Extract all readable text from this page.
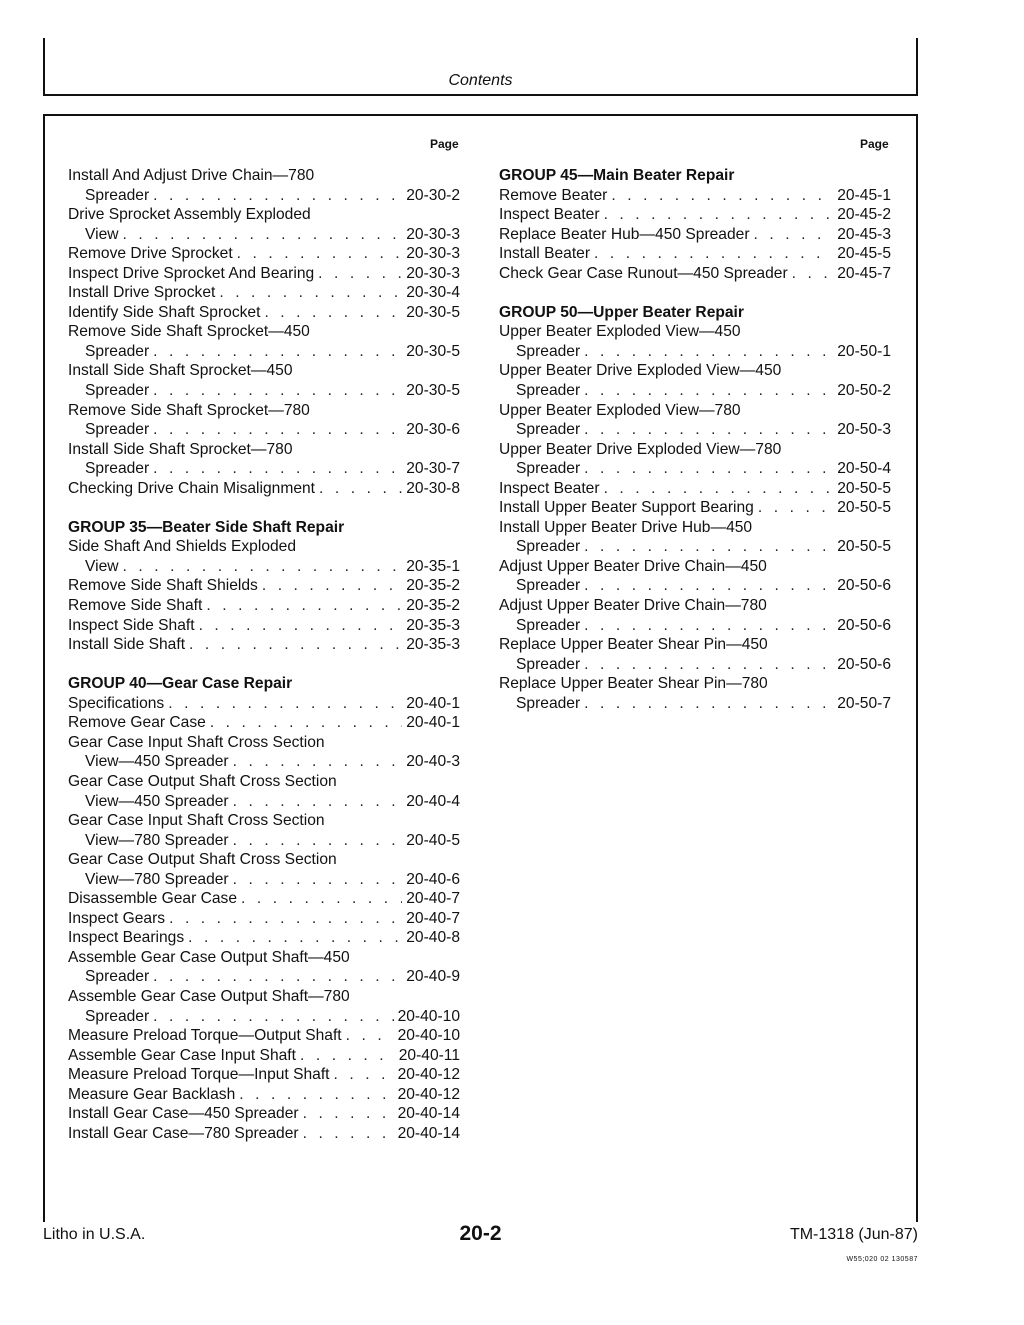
Contents
Page	Page
Install And Adjust Drive Chain—780
Spreader . . .	20-30-2
Drive Sprocket Assembly Exploded
View . . .	20-30-3
Remove Drive Sprocket . . .	20-30-3
Inspect Drive Sprocket And Bearing . . .	20-30-3
Install Drive Sprocket . . .	20-30-4
Identify Side Shaft Sprocket . . .	20-30-5
Remove Side Shaft Sprocket—450
Spreader . . .	20-30-5
Install Side Shaft Sprocket—450
Spreader . . .	20-30-5
Remove Side Shaft Sprocket—780
Spreader . . .	20-30-6
Install Side Shaft Sprocket—780
Spreader . . .	20-30-7
Checking Drive Chain Misalignment . . .	20-30-8
GROUP 35—Beater Side Shaft Repair
Side Shaft And Shields Exploded
View . . .	20-35-1
Remove Side Shaft Shields . . .	20-35-2
Remove Side Shaft . . .	20-35-2
Inspect Side Shaft . . .	20-35-3
Install Side Shaft . . .	20-35-3
GROUP 40—Gear Case Repair
Specifications . . .	20-40-1
Remove Gear Case . . .	20-40-1
Gear Case Input Shaft Cross Section
View—450 Spreader . . .	20-40-3
Gear Case Output Shaft Cross Section
View—450 Spreader . . .	20-40-4
Gear Case Input Shaft Cross Section
View—780 Spreader . . .	20-40-5
Gear Case Output Shaft Cross Section
View—780 Spreader . . .	20-40-6
Disassemble Gear Case . . .	20-40-7
Inspect Gears . . .	20-40-7
Inspect Bearings . . .	20-40-8
Assemble Gear Case Output Shaft—450
Spreader . . .	20-40-9
Assemble Gear Case Output Shaft—780
Spreader . . .	20-40-10
Measure Preload Torque—Output Shaft . . .	20-40-10
Assemble Gear Case Input Shaft . . .	20-40-11
Measure Preload Torque—Input Shaft . . .	20-40-12
Measure Gear Backlash . . .	20-40-12
Install Gear Case—450 Spreader . . .	20-40-14
Install Gear Case—780 Spreader . . .	20-40-14
GROUP 45—Main Beater Repair
Remove Beater . . .	20-45-1
Inspect Beater . . .	20-45-2
Replace Beater Hub—450 Spreader . . .	20-45-3
Install Beater . . .	20-45-5
Check Gear Case Runout—450 Spreader . . .	20-45-7
GROUP 50—Upper Beater Repair
Upper Beater Exploded View—450
Spreader . . .	20-50-1
Upper Beater Drive Exploded View—450
Spreader . . .	20-50-2
Upper Beater Exploded View—780
Spreader . . .	20-50-3
Upper Beater Drive Exploded View—780
Spreader . . .	20-50-4
Inspect Beater . . .	20-50-5
Install Upper Beater Support Bearing . . .	20-50-5
Install Upper Beater Drive Hub—450
Spreader . . .	20-50-5
Adjust Upper Beater Drive Chain—450
Spreader . . .	20-50-6
Adjust Upper Beater Drive Chain—780
Spreader . . .	20-50-6
Replace Upper Beater Shear Pin—450
Spreader . . .	20-50-6
Replace Upper Beater Shear Pin—780
Spreader . . .	20-50-7
Litho in U.S.A.	20-2	TM-1318 (Jun-87)
W55;020 02 130587
